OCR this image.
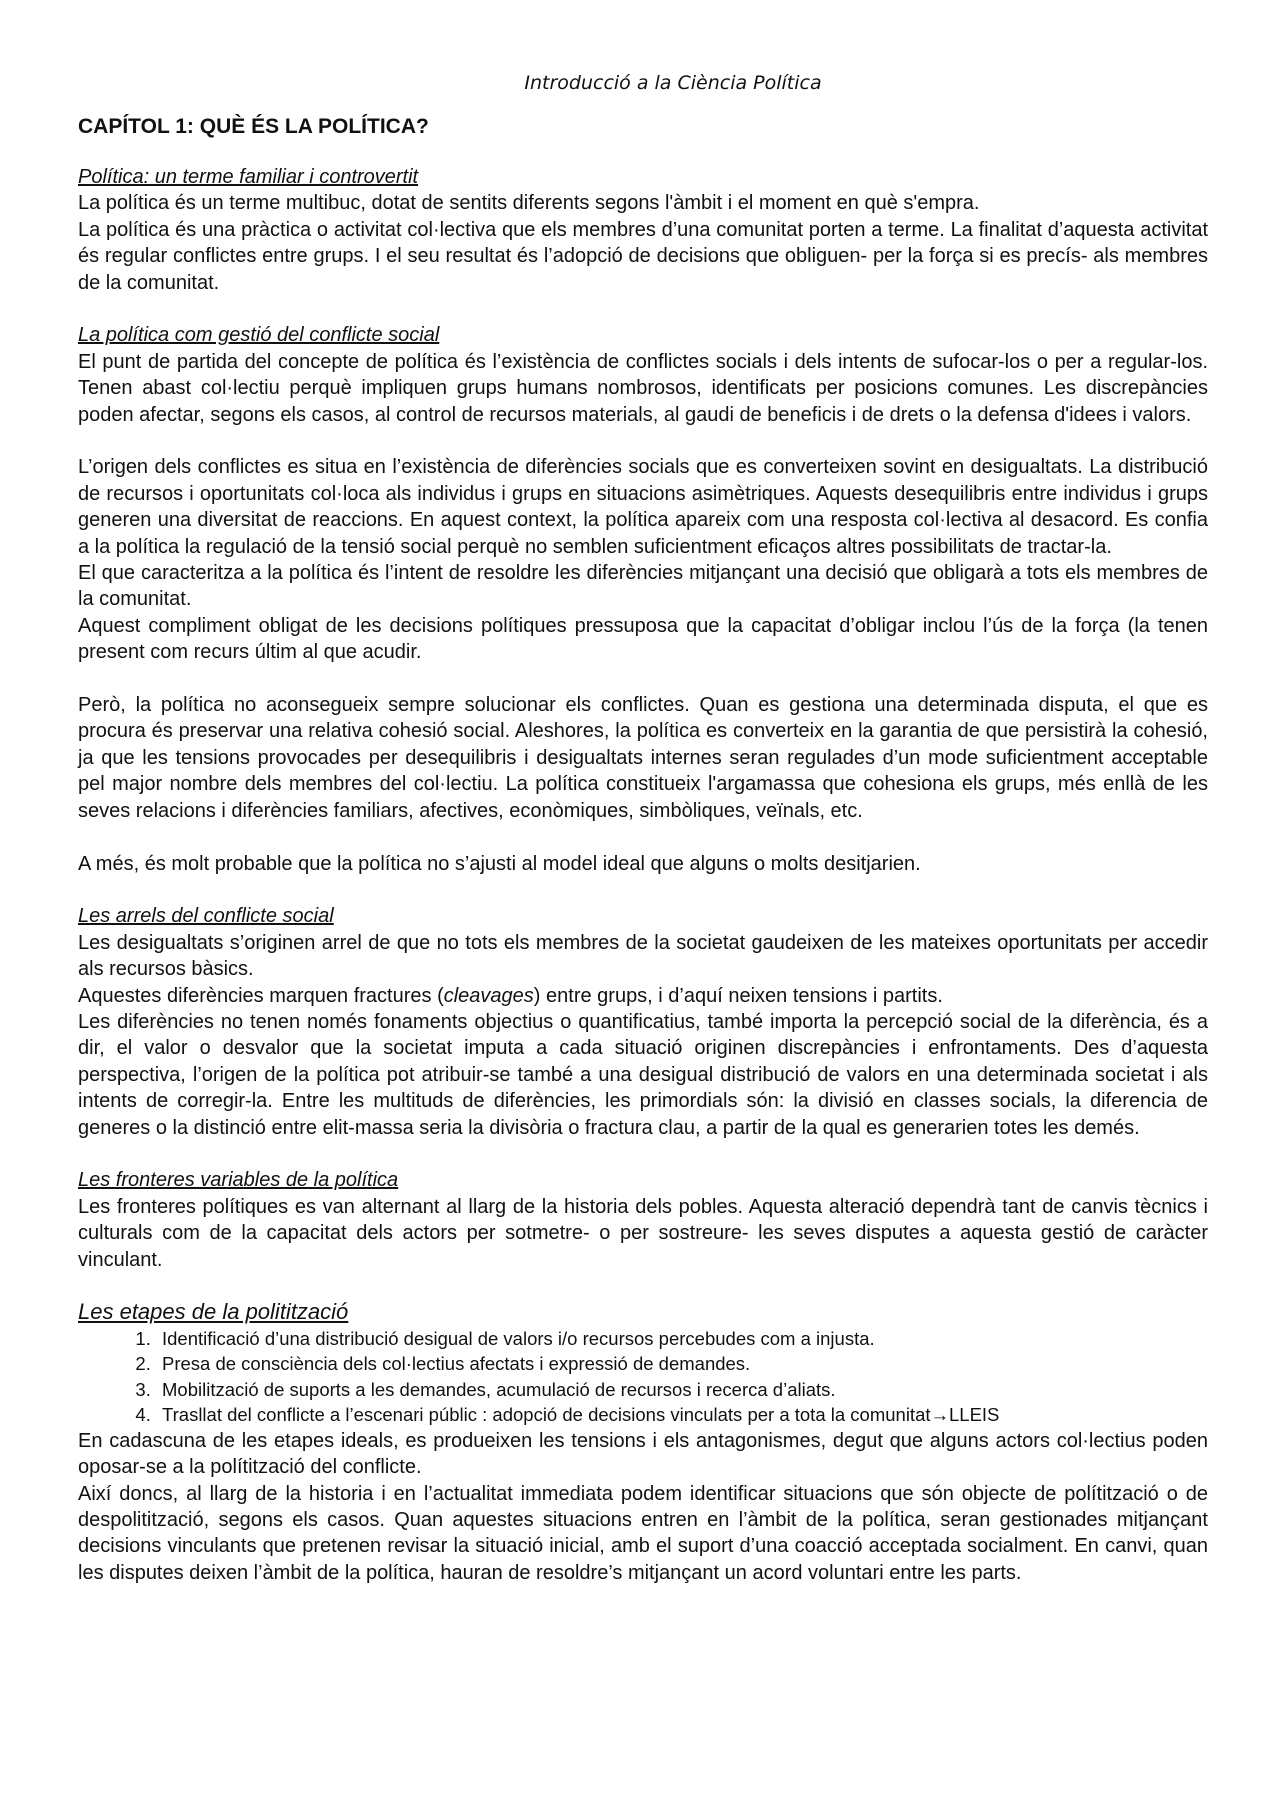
Introducció a la Ciència Política
CAPÍTOL 1: QUÈ ÉS LA POLÍTICA?

Política: un terme familiar i controvertit

La política és un terme multibuc, dotat de sentits diferents segons l'àmbit i el moment en què s'empra.

La política és una pràctica o activitat col·lectiva que els membres d’una comunitat porten a terme. La finalitat d’aquesta activitat és regular conflictes entre grups. I el seu resultat és l’adopció de decisions que obliguen- per la força si es precís- als membres de la comunitat.

La política com gestió del conflicte social

El punt de partida del concepte de política és l’existència de conflictes socials i dels intents de sufocar-los o per a regular-los. Tenen abast col·lectiu perquè impliquen grups humans nombrosos, identificats per posicions comunes. Les discrepàncies poden afectar, segons els casos, al control de recursos materials, al gaudi de beneficis i de drets o la defensa d'idees i valors.

L’origen dels conflictes es situa en l’existència de diferències socials que es converteixen sovint en desigualtats. La distribució de recursos i oportunitats col·loca als individus i grups en situacions asimètriques. Aquests desequilibris entre individus i grups generen una diversitat de reaccions. En aquest context, la política apareix com una resposta col·lectiva al desacord. Es confia a la política la regulació de la tensió social perquè no semblen suficientment eficaços altres possibilitats de tractar-la.

El que caracteritza a la política és l’intent de resoldre les diferències mitjançant una decisió que obligarà a tots els membres de la comunitat.

Aquest compliment obligat de les decisions polítiques pressuposa que la capacitat d’obligar inclou l’ús de la força (la tenen present com recurs últim al que acudir.

Però, la política no aconsegueix sempre solucionar els conflictes. Quan es gestiona una determinada disputa, el que es procura és preservar una relativa cohesió social. Aleshores, la política es converteix en la garantia de que persistirà la cohesió, ja que les tensions provocades per desequilibris i desigualtats internes seran regulades d’un mode suficientment acceptable pel major nombre dels membres del col·lectiu. La política constitueix l'argamassa que cohesiona els grups, més enllà de les seves relacions i diferències familiars, afectives, econòmiques, simbòliques, veïnals, etc.

A més, és molt probable que la política no s’ajusti al model ideal que alguns o molts desitjarien.

Les arrels del conflicte social

Les desigualtats s’originen arrel de que no tots els membres de la societat gaudeixen de les mateixes oportunitats per accedir als recursos bàsics.

Aquestes diferències marquen fractures (cleavages) entre grups, i d’aquí neixen tensions i partits.

Les diferències no tenen només fonaments objectius o quantificatius, també importa la percepció social de la diferència, és a dir, el valor o desvalor que la societat imputa a cada situació originen discrepàncies i enfrontaments. Des d’aquesta perspectiva, l’origen de la política pot atribuir-se també a una desigual distribució de valors en una determinada societat i als intents de corregir-la. Entre les multituds de diferències, les primordials són: la divisió en classes socials, la diferencia de generes o la distinció entre elit-massa seria la divisòria o fractura clau, a partir de la qual es generarien totes les demés.

Les fronteres variables de la política

Les fronteres polítiques es van alternant al llarg de la historia dels pobles. Aquesta alteració dependrà tant de canvis tècnics i culturals com de la capacitat dels actors per sotmetre- o per sostreure- les seves disputes a aquesta gestió de caràcter vinculant.

Les etapes de la politització

1. Identificació d’una distribució desigual de valors i/o recursos percebudes com a injusta.
2. Presa de consciència dels col·lectius afectats i expressió de demandes.
3. Mobilització de suports a les demandes, acumulació de recursos i recerca d’aliats.
4. Trasllat del conflicte a l’escenari públic : adopció de decisions vinculats per a tota la comunitat→LLEIS

En cadascuna de les etapes ideals, es produeixen les tensions i els antagonismes, degut que alguns actors col·lectius poden oposar-se a la polítització del conflicte.

Així doncs, al llarg de la historia i en l’actualitat immediata podem identificar situacions que són objecte de polítització o de despolitització, segons els casos. Quan aquestes situacions entren en l’àmbit de la política, seran gestionades mitjançant decisions vinculants que pretenen revisar la situació inicial, amb el suport d’una coacció acceptada socialment. En canvi, quan les disputes deixen l’àmbit de la política, hauran de resoldre’s mitjançant un acord voluntari entre les parts.
